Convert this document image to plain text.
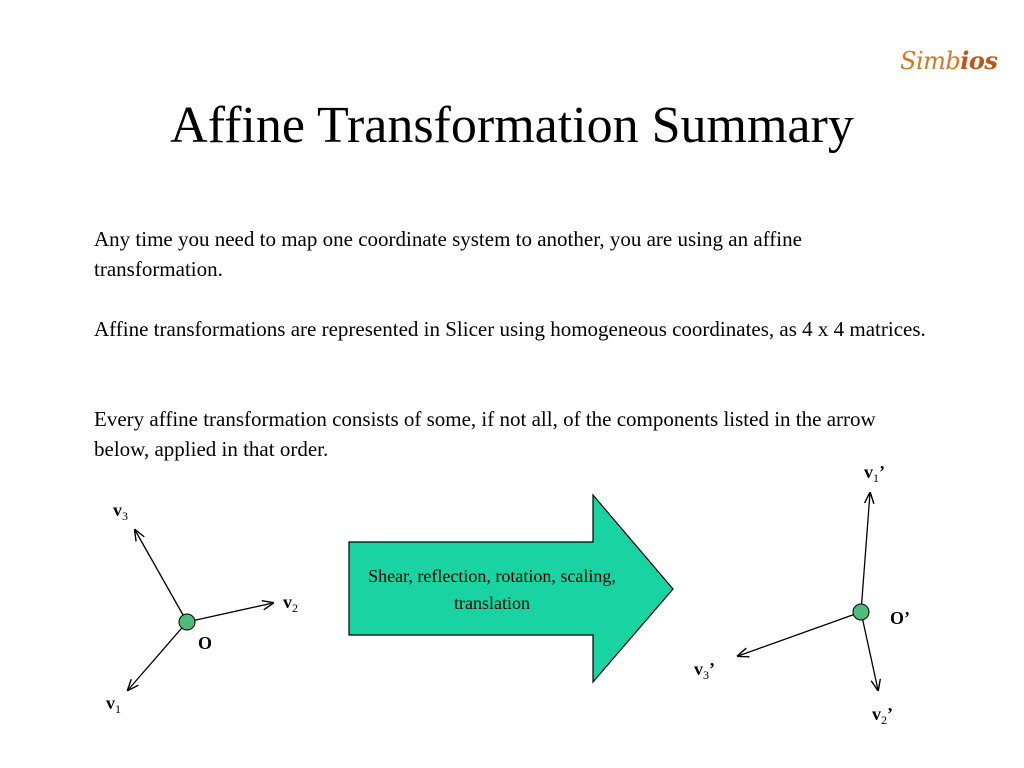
Simbios
Affine Transformation Summary

Any time you need to map one coordinate system to another, you are using an affine transformation.

Affine transformations are represented in Slicer using homogeneous coordinates, as 4 x 4 matrices.

Every affine transformation consists of some, if not all, of the components listed in the arrow below, applied in that order.

Shear, reflection, rotation, scaling, translation
$v_3$
$v_2$
$v_1$
O
$v_1$’
$v_3$’
$v_2$’
O’
